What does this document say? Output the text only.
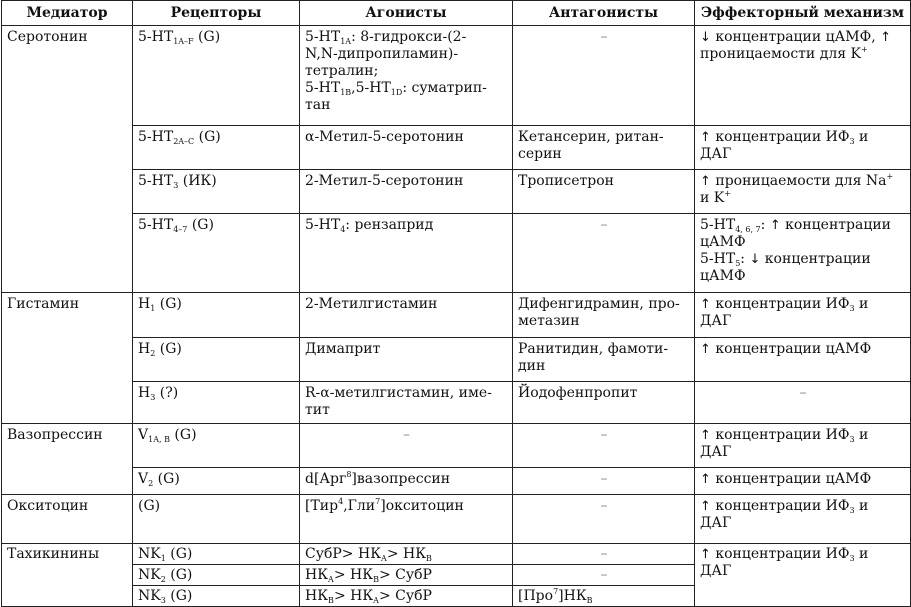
Медиатор	Рецепторы	Агонисты	Антагонисты	Эффекторный механизм
Серотонин	$5-HT_{1A-F}$ (G)	$5-HT_{1A}$: 8-гидрокси-(2-
N,N-дипропиламин)-
тетралин;
$5-HT_{1B},5-HT_{1D}$: суматрип-
тан	–	↓ концентрации цАМФ, ↑
проницаемости для K+

	$5-HT_{2A-C}$ (G)	α-Метил-5-серотонин	Кетансерин, ритан-
серин	↑ концентрации $ИФ_3$ и
ДАГ

	$5-HT_3$ (ИК)	2-Метил-5-серотонин	Трописетрон	↑ проницаемости для Na+
и K+

	$5-HT_{4-7}$ (G)	$5-HT_4$: рензаприд	–	$5-HT_{4, 6, 7}$: ↑ концентрации
цАМФ
$5-HT_5$: ↓ концентрации
цАМФ

Гистамин	$H_1$ (G)	2-Метилгистамин	Дифенгидрамин, про-
метазин	↑ концентрации $ИФ_3$ и
ДАГ

	$H_2$ (G)	Димаприт	Ранитидин, фамоти-
дин	↑ концентрации цАМФ
	$H_3$ (?)	R-α-метилгистамин, име-
тит	Йодофенпропит	–
Вазопрессин	$V_{1A, B}$ (G)	–	–	↑ концентрации $ИФ_3$ и
ДАГ

	$V_2$ (G)	d[Арг$^8$]вазопрессин	–	↑ концентрации цАМФ
Окситоцин	(G)	[Тир$^4$,Гли$^7$]окситоцин	–	↑ концентрации $ИФ_3$ и
ДАГ

Тахикинины	$NK_1$ (G)	СубР> $НК_A> НК_B$	–	↑ концентрации $ИФ_3$ и
ДАГ

	$NK_2$ (G)	$НК_A> НК_B>$ СубР	–	
	$NK_3$ (G)	$НК_B> НК_A>$ СубР	$[Про^7]НК_B$
